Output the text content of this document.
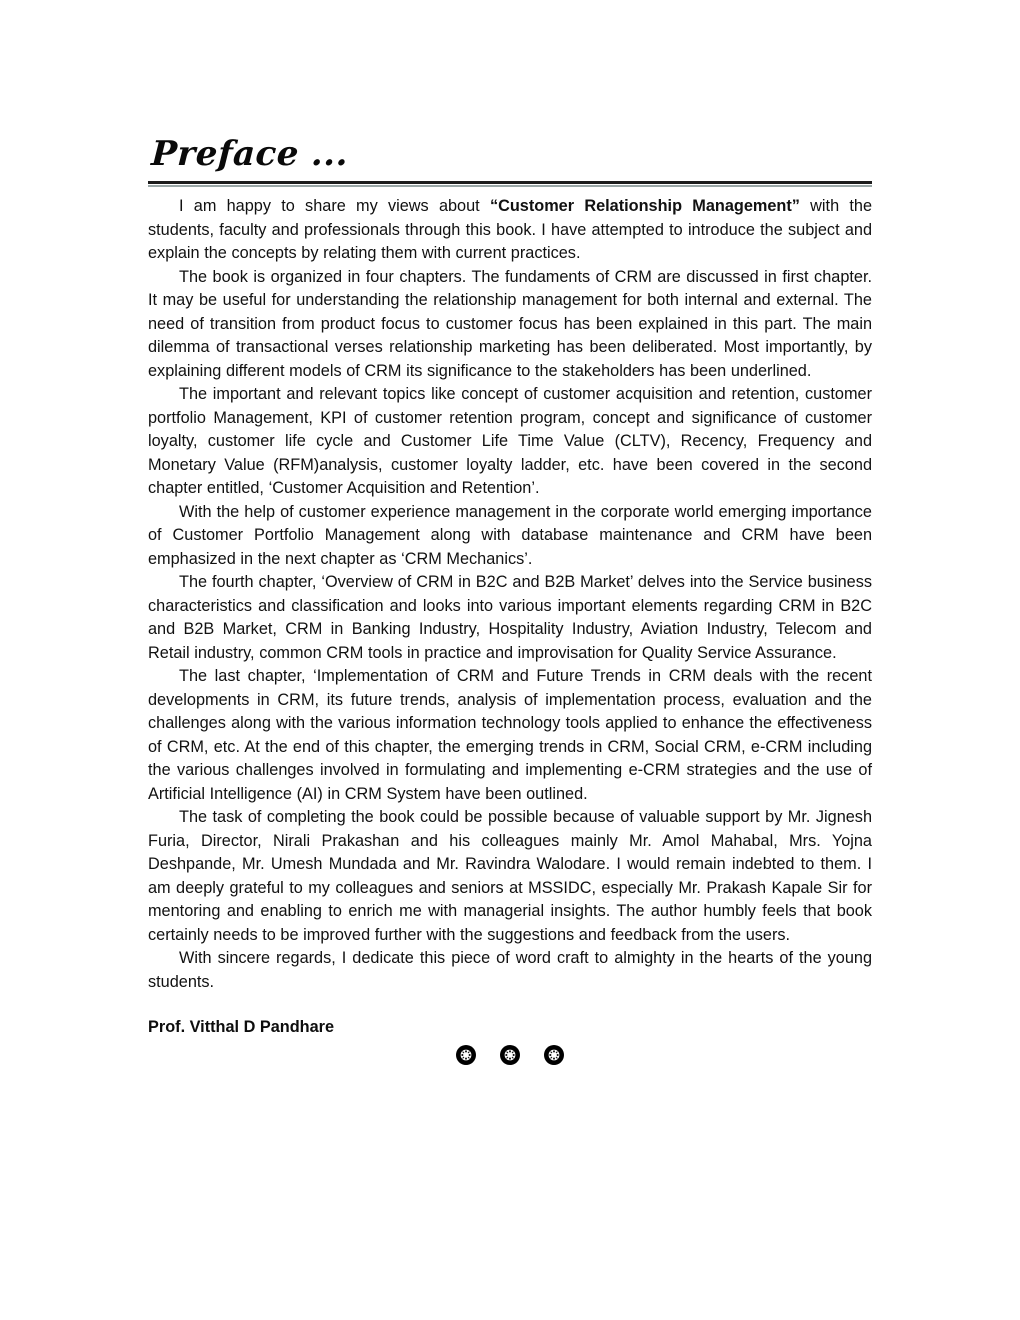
Preface ...

I am happy to share my views about “Customer Relationship Management” with the students, faculty and professionals through this book. I have attempted to introduce the subject and explain the concepts by relating them with current practices.

The book is organized in four chapters. The fundaments of CRM are discussed in first chapter. It may be useful for understanding the relationship management for both internal and external. The need of transition from product focus to customer focus has been explained in this part. The main dilemma of transactional verses relationship marketing has been deliberated. Most importantly, by explaining different models of CRM its significance to the stakeholders has been underlined.

The important and relevant topics like concept of customer acquisition and retention, customer portfolio Management, KPI of customer retention program, concept and significance of customer loyalty, customer life cycle and Customer Life Time Value (CLTV), Recency, Frequency and Monetary Value (RFM)analysis, customer loyalty ladder, etc. have been covered in the second chapter entitled, ‘Customer Acquisition and Retention’.

With the help of customer experience management in the corporate world emerging importance of Customer Portfolio Management along with database maintenance and CRM have been emphasized in the next chapter as ‘CRM Mechanics’.

The fourth chapter, ‘Overview of CRM in B2C and B2B Market’ delves into the Service business characteristics and classification and looks into various important elements regarding CRM in B2C and B2B Market, CRM in Banking Industry, Hospitality Industry, Aviation Industry, Telecom and Retail industry, common CRM tools in practice and improvisation for Quality Service Assurance.

The last chapter, ‘Implementation of CRM and Future Trends in CRM deals with the recent developments in CRM, its future trends, analysis of implementation process, evaluation and the challenges along with the various information technology tools applied to enhance the effectiveness of CRM, etc. At the end of this chapter, the emerging trends in CRM, Social CRM, e-CRM including the various challenges involved in formulating and implementing e-CRM strategies and the use of Artificial Intelligence (AI) in CRM System have been outlined.

The task of completing the book could be possible because of valuable support by Mr. Jignesh Furia, Director, Nirali Prakashan and his colleagues mainly Mr. Amol Mahabal, Mrs. Yojna Deshpande, Mr. Umesh Mundada and Mr. Ravindra Walodare. I would remain indebted to them. I am deeply grateful to my colleagues and seniors at MSSIDC, especially Mr. Prakash Kapale Sir for mentoring and enabling to enrich me with managerial insights. The author humbly feels that book certainly needs to be improved further with the suggestions and feedback from the users.

With sincere regards, I dedicate this piece of word craft to almighty in the hearts of the young students.

Prof. Vitthal D Pandhare
